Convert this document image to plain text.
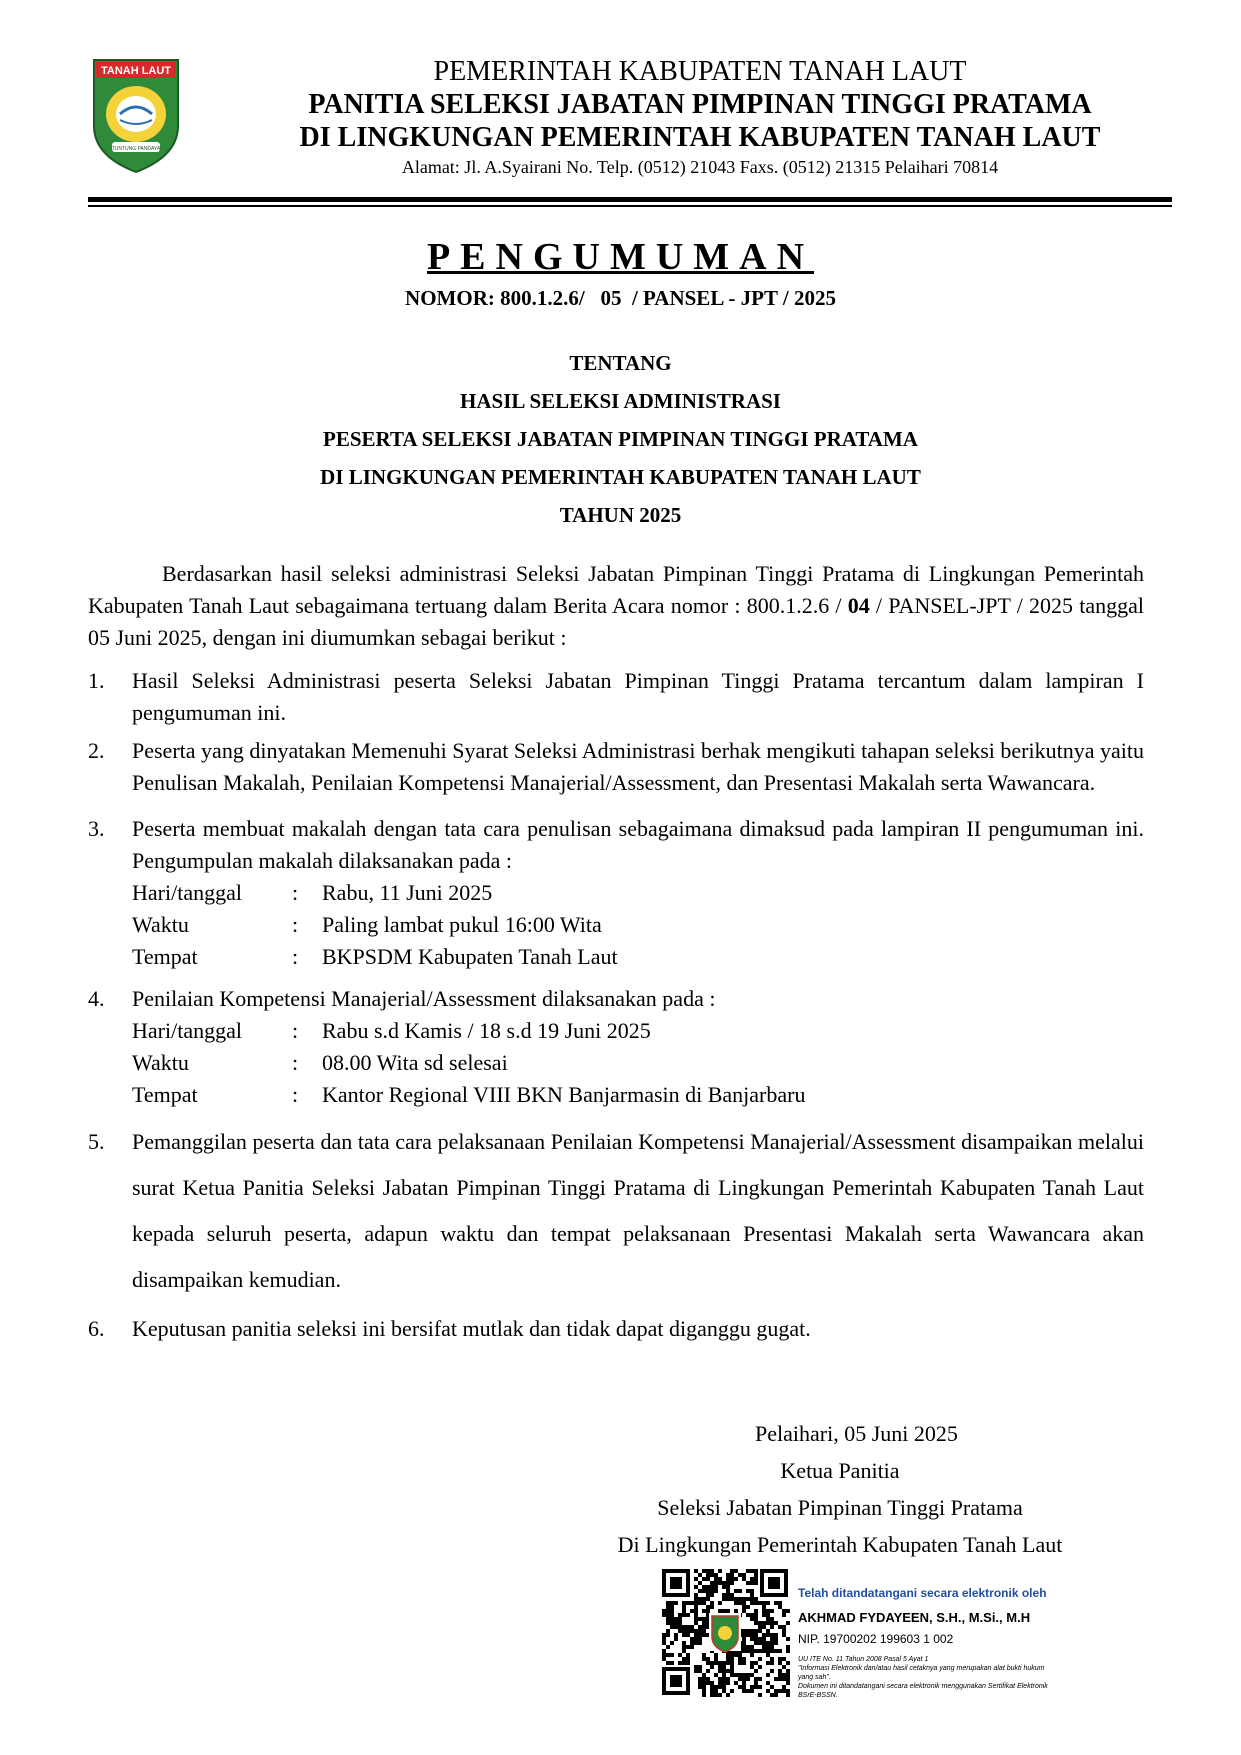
TANAH LAUT
TUNTUNG PANDAYA
PEMERINTAH KABUPATEN TANAH LAUT
PANITIA SELEKSI JABATAN PIMPINAN TINGGI PRATAMA
DI LINGKUNGAN PEMERINTAH KABUPATEN TANAH LAUT
Alamat: Jl. A.Syairani No. Telp. (0512) 21043 Faxs. (0512) 21315 Pelaihari 70814
PENGUMUMAN
NOMOR: 800.1.2.6/   05  / PANSEL - JPT / 2025
TENTANG
HASIL SELEKSI ADMINISTRASI
PESERTA SELEKSI JABATAN PIMPINAN TINGGI PRATAMA
DI LINGKUNGAN PEMERINTAH KABUPATEN TANAH LAUT
TAHUN 2025
Berdasarkan hasil seleksi administrasi Seleksi Jabatan Pimpinan Tinggi Pratama di Lingkungan Pemerintah Kabupaten Tanah Laut sebagaimana tertuang dalam Berita Acara nomor : 800.1.2.6 / 04 / PANSEL-JPT / 2025 tanggal 05 Juni 2025, dengan ini diumumkan sebagai berikut :
1. Hasil Seleksi Administrasi peserta Seleksi Jabatan Pimpinan Tinggi Pratama tercantum dalam lampiran I pengumuman ini.
2. Peserta yang dinyatakan Memenuhi Syarat Seleksi Administrasi berhak mengikuti tahapan seleksi berikutnya yaitu Penulisan Makalah, Penilaian Kompetensi Manajerial/Assessment, dan Presentasi Makalah serta Wawancara.
3. Peserta membuat makalah dengan tata cara penulisan sebagaimana dimaksud pada lampiran II pengumuman ini. Pengumpulan makalah dilaksanakan pada :
Hari/tanggal	:	Rabu, 11 Juni 2025
Waktu	:	Paling lambat pukul 16:00 Wita
Tempat	:	BKPSDM Kabupaten Tanah Laut
4. Penilaian Kompetensi Manajerial/Assessment dilaksanakan pada :
Hari/tanggal	:	Rabu s.d Kamis / 18 s.d 19 Juni 2025
Waktu	:	08.00 Wita sd selesai
Tempat	:	Kantor Regional VIII BKN Banjarmasin di Banjarbaru
5. Pemanggilan peserta dan tata cara pelaksanaan Penilaian Kompetensi Manajerial/Assessment disampaikan melalui surat Ketua Panitia Seleksi Jabatan Pimpinan Tinggi Pratama di Lingkungan Pemerintah Kabupaten Tanah Laut kepada seluruh peserta, adapun waktu dan tempat pelaksanaan Presentasi Makalah serta Wawancara akan disampaikan kemudian.
6. Keputusan panitia seleksi ini bersifat mutlak dan tidak dapat diganggu gugat.
Pelaihari, 05 Juni 2025
Ketua Panitia
Seleksi Jabatan Pimpinan Tinggi Pratama
Di Lingkungan Pemerintah Kabupaten Tanah Laut
Telah ditandatangani secara elektronik oleh
AKHMAD FYDAYEEN, S.H., M.Si., M.H
NIP. 19700202 199603 1 002
UU ITE No. 11 Tahun 2008 Pasal 5 Ayat 1
"Informasi Elektronik dan/atau hasil cetaknya yang merupakan alat bukti hukum yang sah".
Dokumen ini ditandatangani secara elektronik menggunakan Sertifikat Elektronik BSrE-BSSN.
